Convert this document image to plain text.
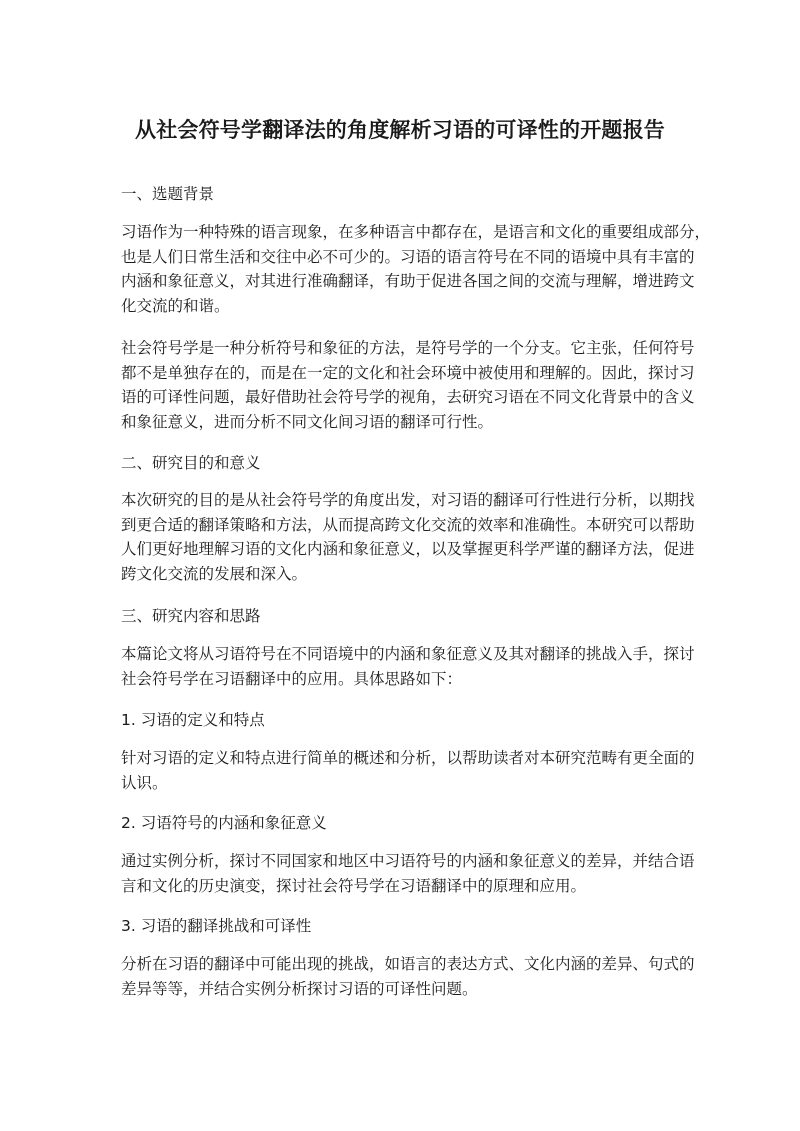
从社会符号学翻译法的角度解析习语的可译性的开题报告
一、选题背景
习语作为一种特殊的语言现象，在多种语言中都存在，是语言和文化的重要组成部分，
也是人们日常生活和交往中必不可少的。习语的语言符号在不同的语境中具有丰富的
内涵和象征意义，对其进行准确翻译，有助于促进各国之间的交流与理解，增进跨文
化交流的和谐。
社会符号学是一种分析符号和象征的方法，是符号学的一个分支。它主张，任何符号
都不是单独存在的，而是在一定的文化和社会环境中被使用和理解的。因此，探讨习
语的可译性问题，最好借助社会符号学的视角，去研究习语在不同文化背景中的含义
和象征意义，进而分析不同文化间习语的翻译可行性。
二、研究目的和意义
本次研究的目的是从社会符号学的角度出发，对习语的翻译可行性进行分析，以期找
到更合适的翻译策略和方法，从而提高跨文化交流的效率和准确性。本研究可以帮助
人们更好地理解习语的文化内涵和象征意义，以及掌握更科学严谨的翻译方法，促进
跨文化交流的发展和深入。
三、研究内容和思路
本篇论文将从习语符号在不同语境中的内涵和象征意义及其对翻译的挑战入手，探讨
社会符号学在习语翻译中的应用。具体思路如下：
1. 习语的定义和特点
针对习语的定义和特点进行简单的概述和分析，以帮助读者对本研究范畴有更全面的
认识。
2. 习语符号的内涵和象征意义
通过实例分析，探讨不同国家和地区中习语符号的内涵和象征意义的差异，并结合语
言和文化的历史演变，探讨社会符号学在习语翻译中的原理和应用。
3. 习语的翻译挑战和可译性
分析在习语的翻译中可能出现的挑战，如语言的表达方式、文化内涵的差异、句式的
差异等等，并结合实例分析探讨习语的可译性问题。
